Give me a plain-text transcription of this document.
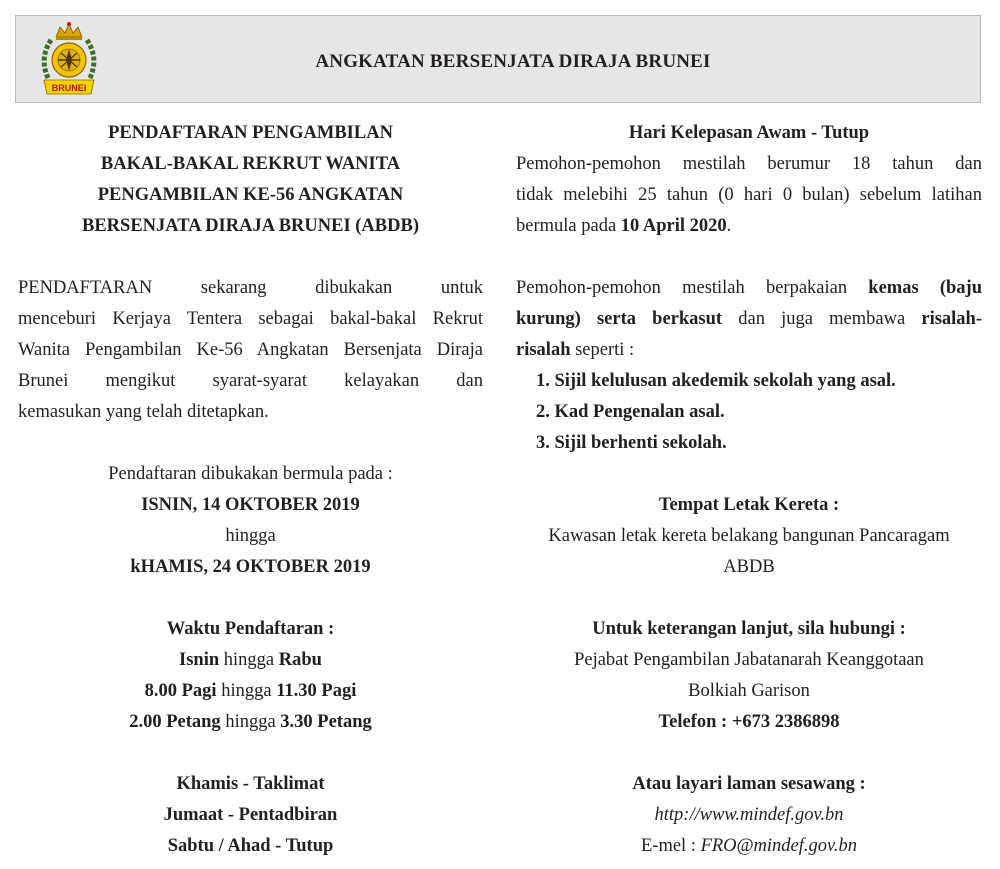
BRUNEI
ANGKATAN BERSENJATA DIRAJA BRUNEI

PENDAFTARAN PENGAMBILAN

BAKAL-BAKAL REKRUT WANITA

PENGAMBILAN KE-56 ANGKATAN

BERSENJATA DIRAJA BRUNEI (ABDB)

PENDAFTARAN sekarang dibukakan untuk

menceburi Kerjaya Tentera sebagai bakal-bakal Rekrut

Wanita Pengambilan Ke-56 Angkatan Bersenjata Diraja

Brunei mengikut syarat-syarat kelayakan dan

kemasukan yang telah ditetapkan.

Pendaftaran dibukakan bermula pada :

ISNIN, 14 OKTOBER 2019

hingga

kHAMIS, 24 OKTOBER 2019

Waktu Pendaftaran :

Isnin hingga Rabu

8.00 Pagi hingga 11.30 Pagi

2.00 Petang hingga 3.30 Petang

Khamis - Taklimat

Jumaat - Pentadbiran

Sabtu / Ahad - Tutup

Hari Kelepasan Awam - Tutup

Pemohon-pemohon mestilah berumur 18 tahun dan

tidak melebihi 25 tahun (0 hari 0 bulan) sebelum latihan

bermula pada 10 April 2020.

Pemohon-pemohon mestilah berpakaian kemas (baju

kurung) serta berkasut dan juga membawa risalah-

risalah seperti :

1. Sijil kelulusan akedemik sekolah yang asal.

2. Kad Pengenalan asal.

3. Sijil berhenti sekolah.

Tempat Letak Kereta :

Kawasan letak kereta belakang bangunan Pancaragam

ABDB

Untuk keterangan lanjut, sila hubungi :

Pejabat Pengambilan Jabatanarah Keanggotaan

Bolkiah Garison

Telefon : +673 2386898

Atau layari laman sesawang :

http://www.mindef.gov.bn

E-mel : FRO@mindef.gov.bn
